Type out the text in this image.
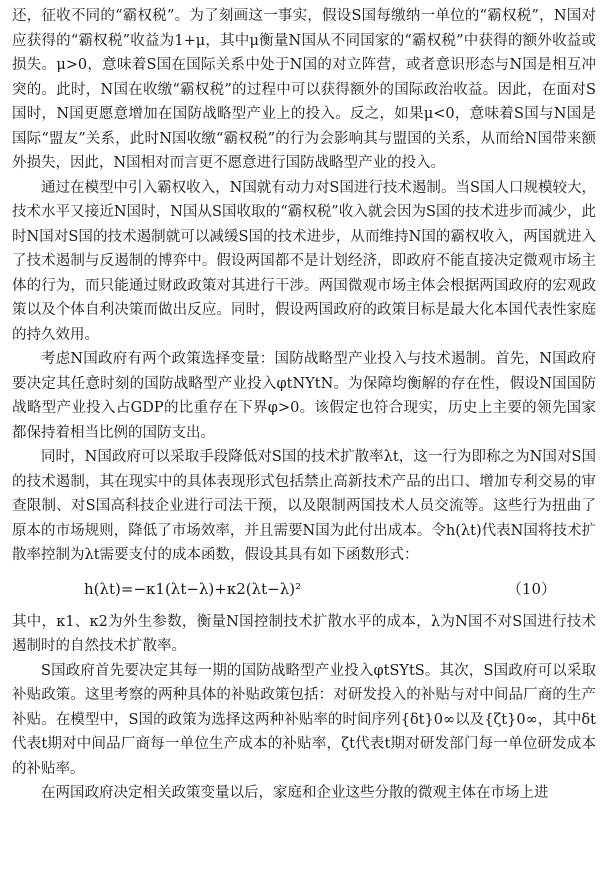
还，征收不同的“霸权税”。为了刻画这一事实，假设S国每缴纳一单位的“霸权税”，N国对应获得的“霸权税”收益为1+μ，其中μ衡量N国从不同国家的“霸权税”中获得的额外收益或损失。μ>0，意味着S国在国际关系中处于N国的对立阵营，或者意识形态与N国是相互冲突的。此时，N国在收缴“霸权税”的过程中可以获得额外的国际政治收益。因此，在面对S国时，N国更愿意增加在国防战略型产业上的投入。反之，如果μ<0，意味着S国与N国是国际“盟友”关系，此时N国收缴“霸权税”的行为会影响其与盟国的关系，从而给N国带来额外损失，因此，N国相对而言更不愿意进行国防战略型产业的投入。

通过在模型中引入霸权收入，N国就有动力对S国进行技术遏制。当S国人口规模较大，技术水平又接近N国时，N国从S国收取的“霸权税”收入就会因为S国的技术进步而减少，此时N国对S国的技术遏制就可以减缓S国的技术进步，从而维持N国的霸权收入，两国就进入了技术遏制与反遏制的博弈中。假设两国都不是计划经济，即政府不能直接决定微观市场主体的行为，而只能通过财政政策对其进行干涉。两国微观市场主体会根据两国政府的宏观政策以及个体自利决策而做出反应。同时，假设两国政府的政策目标是最大化本国代表性家庭的持久效用。

考虑N国政府有两个政策选择变量：国防战略型产业投入与技术遏制。首先，N国政府要决定其任意时刻的国防战略型产业投入φtNYtN。为保障均衡解的存在性，假设N国国防战略型产业投入占GDP的比重存在下界φ>0。该假定也符合现实，历史上主要的领先国家都保持着相当比例的国防支出。

同时，N国政府可以采取手段降低对S国的技术扩散率λt，这一行为即称之为N国对S国的技术遏制，其在现实中的具体表现形式包括禁止高新技术产品的出口、增加专利交易的审查限制、对S国高科技企业进行司法干预，以及限制两国技术人员交流等。这些行为扭曲了原本的市场规则，降低了市场效率，并且需要N国为此付出成本。令h(λt)代表N国将技术扩散率控制为λt需要支付的成本函数，假设其具有如下函数形式：

h(λt)=−κ1(λt−λ)+κ2(λt−λ)²	（10）

其中，κ1、κ2为外生参数，衡量N国控制技术扩散水平的成本，λ为N国不对S国进行技术遏制时的自然技术扩散率。

S国政府首先要决定其每一期的国防战略型产业投入φtSYtS。其次，S国政府可以采取补贴政策。这里考察的两种具体的补贴政策包括：对研发投入的补贴与对中间品厂商的生产补贴。在模型中，S国的政策为选择这两种补贴率的时间序列{δt}0∞以及{ζt}0∞，其中δt代表t期对中间品厂商每一单位生产成本的补贴率，ζt代表t期对研发部门每一单位研发成本的补贴率。

在两国政府决定相关政策变量以后，家庭和企业这些分散的微观主体在市场上进
